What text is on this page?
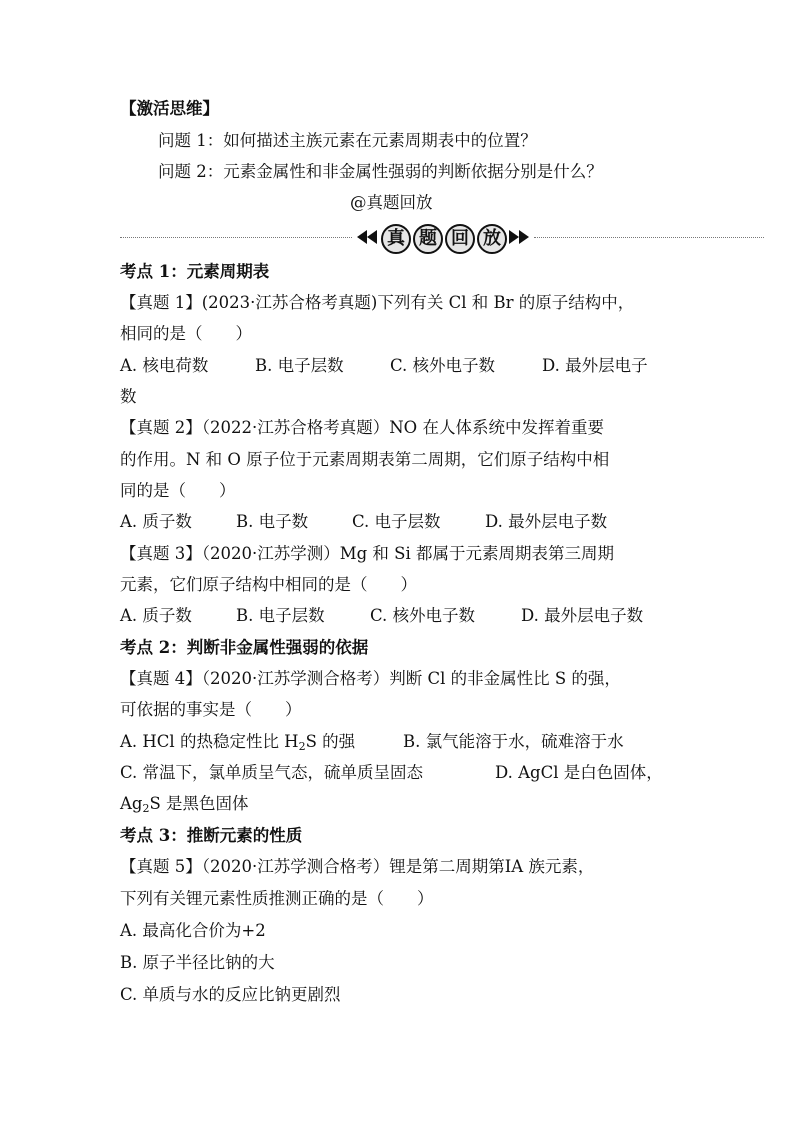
【激活思维】
问题 1：如何描述主族元素在元素周期表中的位置？
问题 2：元素金属性和非金属性强弱的判断依据分别是什么？
@真题回放
真 题 回 放
考点 1：元素周期表
【真题 1】(2023·江苏合格考真题)下列有关 Cl 和 Br 的原子结构中，
相同的是（　　）
A. 核电荷数	B. 电子层数	C. 核外电子数	D. 最外层电子
数
【真题 2】（2022·江苏合格考真题）NO 在人体系统中发挥着重要
的作用。N 和 O 原子位于元素周期表第二周期，它们原子结构中相
同的是（　　）
A. 质子数	B. 电子数	C. 电子层数	D. 最外层电子数
【真题 3】（2020·江苏学测）Mg 和 Si 都属于元素周期表第三周期
元素，它们原子结构中相同的是（　　）
A. 质子数	B. 电子层数	C. 核外电子数	D. 最外层电子数
考点 2：判断非金属性强弱的依据
【真题 4】（2020·江苏学测合格考）判断 Cl 的非金属性比 S 的强，
可依据的事实是（　　）
A. HCl 的热稳定性比 H2S 的强	B. 氯气能溶于水，硫难溶于水
C. 常温下，氯单质呈气态，硫单质呈固态	D. AgCl 是白色固体，
$Ag_2S$ 是黑色固体
考点 3：推断元素的性质
【真题 5】（2020·江苏学测合格考）锂是第二周期第ⅠA 族元素，
下列有关锂元素性质推测正确的是（　　）
A. 最高化合价为+2
B. 原子半径比钠的大
C. 单质与水的反应比钠更剧烈
